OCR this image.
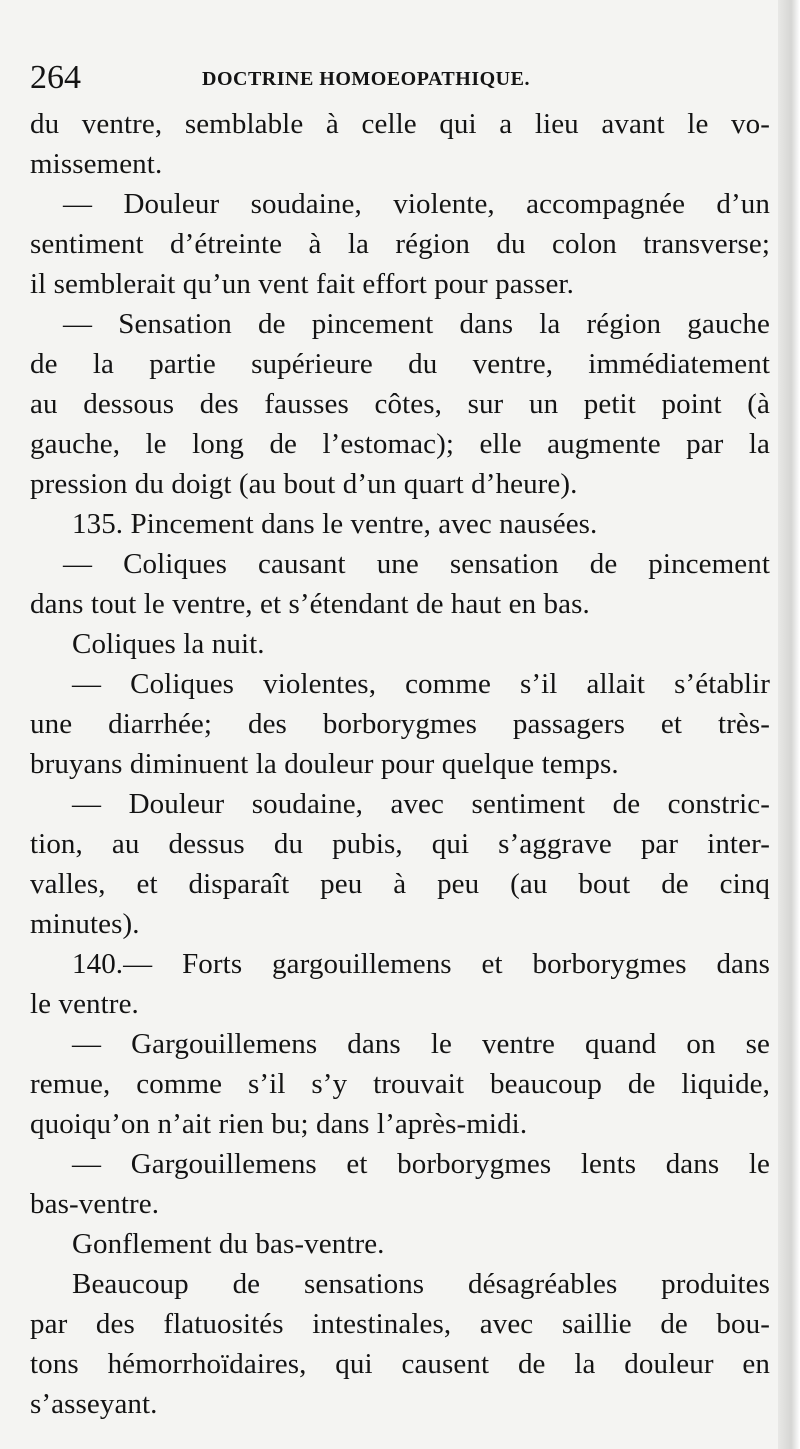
264	DOCTRINE HOMOEOPATHIQUE.
du ventre, semblable à celle qui a lieu avant le vo-
missement.
— Douleur soudaine, violente, accompagnée d’un
sentiment d’étreinte à la région du colon transverse;
il semblerait qu’un vent fait effort pour passer.
— Sensation de pincement dans la région gauche
de la partie supérieure du ventre, immédiatement
au dessous des fausses côtes, sur un petit point (à
gauche, le long de l’estomac); elle augmente par la
pression du doigt (au bout d’un quart d’heure).
135. Pincement dans le ventre, avec nausées.
— Coliques causant une sensation de pincement
dans tout le ventre, et s’étendant de haut en bas.
Coliques la nuit.
— Coliques violentes, comme s’il allait s’établir
une diarrhée; des borborygmes passagers et très-
bruyans diminuent la douleur pour quelque temps.
— Douleur soudaine, avec sentiment de constric-
tion, au dessus du pubis, qui s’aggrave par inter-
valles, et disparaît peu à peu (au bout de cinq
minutes).
140.— Forts gargouillemens et borborygmes dans
le ventre.
— Gargouillemens dans le ventre quand on se
remue, comme s’il s’y trouvait beaucoup de liquide,
quoiqu’on n’ait rien bu; dans l’après-midi.
— Gargouillemens et borborygmes lents dans le
bas-ventre.
Gonflement du bas-ventre.
Beaucoup de sensations désagréables produites
par des flatuosités intestinales, avec saillie de bou-
tons hémorrhoïdaires, qui causent de la douleur en
s’asseyant.
